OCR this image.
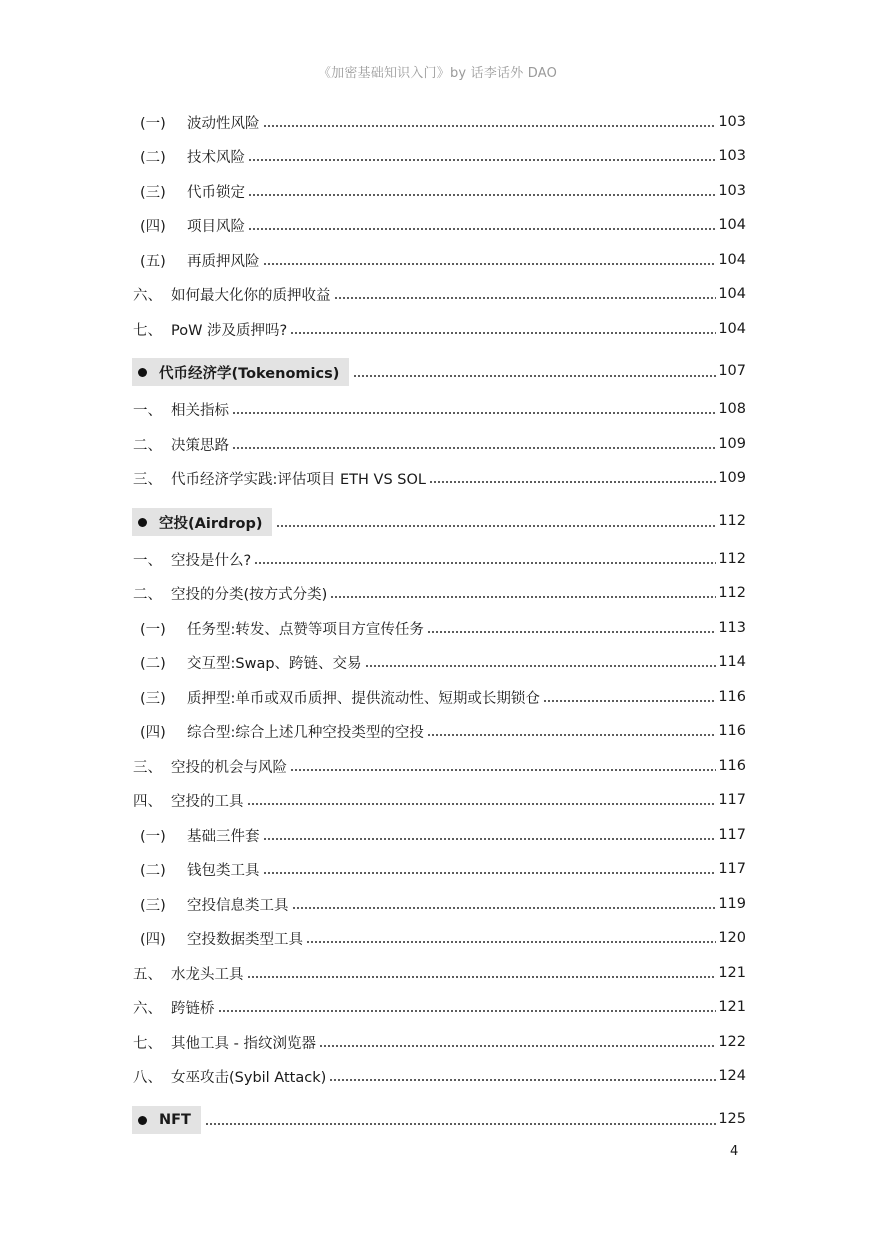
《加密基础知识入门》by 话李话外 DAO
(一) 波动性风险	103
(二) 技术风险	103
(三) 代币锁定	103
(四) 项目风险	104
(五) 再质押风险	104
六、 如何最大化你的质押收益	104
七、 PoW 涉及质押吗?	104
代币经济学(Tokenomics)	107
一、 相关指标	108
二、 决策思路	109
三、 代币经济学实践:评估项目 ETH VS SOL	109
空投(Airdrop)	112
一、 空投是什么?	112
二、 空投的分类(按方式分类)	112
(一) 任务型:转发、点赞等项目方宣传任务	113
(二) 交互型:Swap、跨链、交易	114
(三) 质押型:单币或双币质押、提供流动性、短期或长期锁仓	116
(四) 综合型:综合上述几种空投类型的空投	116
三、 空投的机会与风险	116
四、 空投的工具	117
(一) 基础三件套	117
(二) 钱包类工具	117
(三) 空投信息类工具	119
(四) 空投数据类型工具	120
五、 水龙头工具	121
六、 跨链桥	121
七、 其他工具 - 指纹浏览器	122
八、 女巫攻击(Sybil Attack)	124
NFT	125
4
